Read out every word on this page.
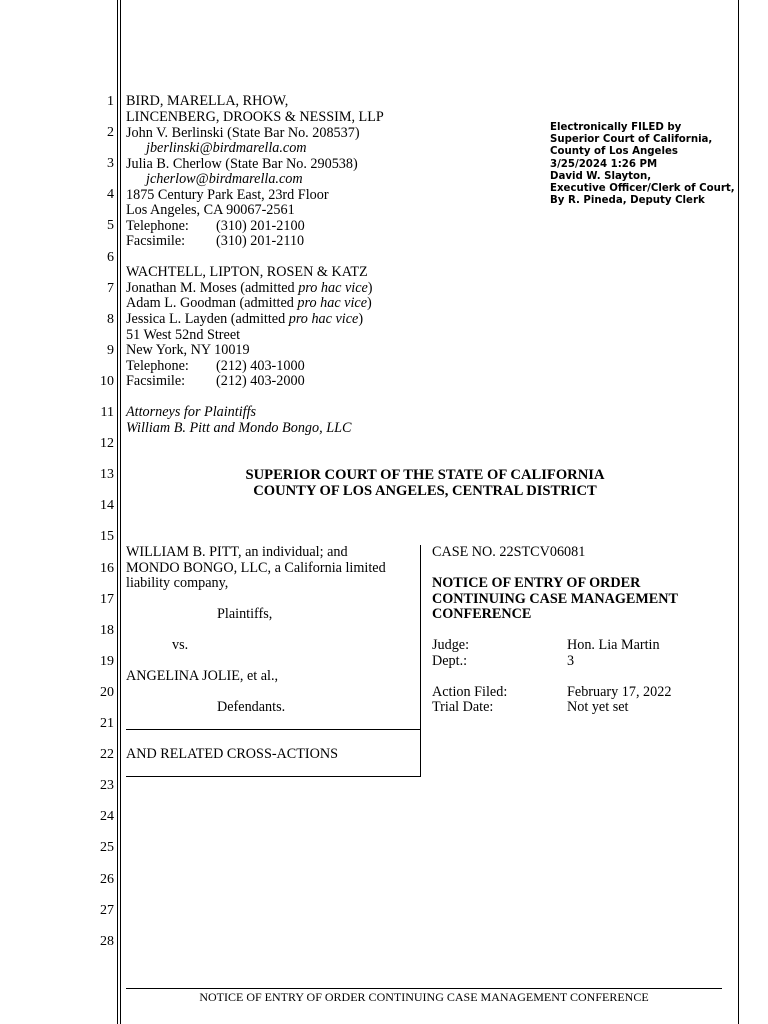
1
2
3
4
5
6
7
8
9
10
11
12
13
14
15
16
17
18
19
20
21
22
23
24
25
26
27
28
BIRD, MARELLA, RHOW,
LINCENBERG, DROOKS & NESSIM, LLP
John V. Berlinski (State Bar No. 208537)
jberlinski@birdmarella.com
Julia B. Cherlow (State Bar No. 290538)
jcherlow@birdmarella.com
1875 Century Park East, 23rd Floor
Los Angeles, CA 90067-2561
Telephone: (310) 201-2100
Facsimile: (310) 201-2110
WACHTELL, LIPTON, ROSEN & KATZ
Jonathan M. Moses (admitted pro hac vice)
Adam L. Goodman (admitted pro hac vice)
Jessica L. Layden (admitted pro hac vice)
51 West 52nd Street
New York, NY 10019
Telephone: (212) 403-1000
Facsimile: (212) 403-2000
Attorneys for Plaintiffs
William B. Pitt and Mondo Bongo, LLC
Electronically FILED by
Superior Court of California,
County of Los Angeles
3/25/2024 1:26 PM
David W. Slayton,
Executive Officer/Clerk of Court,
By R. Pineda, Deputy Clerk
SUPERIOR COURT OF THE STATE OF CALIFORNIA
COUNTY OF LOS ANGELES, CENTRAL DISTRICT
WILLIAM B. PITT, an individual; and
MONDO BONGO, LLC, a California limited
liability company,
Plaintiffs,
vs.
ANGELINA JOLIE, et al.,
Defendants.
AND RELATED CROSS-ACTIONS
CASE NO. 22STCV06081
NOTICE OF ENTRY OF ORDER
CONTINUING CASE MANAGEMENT
CONFERENCE
Judge:	Hon. Lia Martin
Dept.:	3
Action Filed:	February 17, 2022
Trial Date:	Not yet set
NOTICE OF ENTRY OF ORDER CONTINUING CASE MANAGEMENT CONFERENCE
